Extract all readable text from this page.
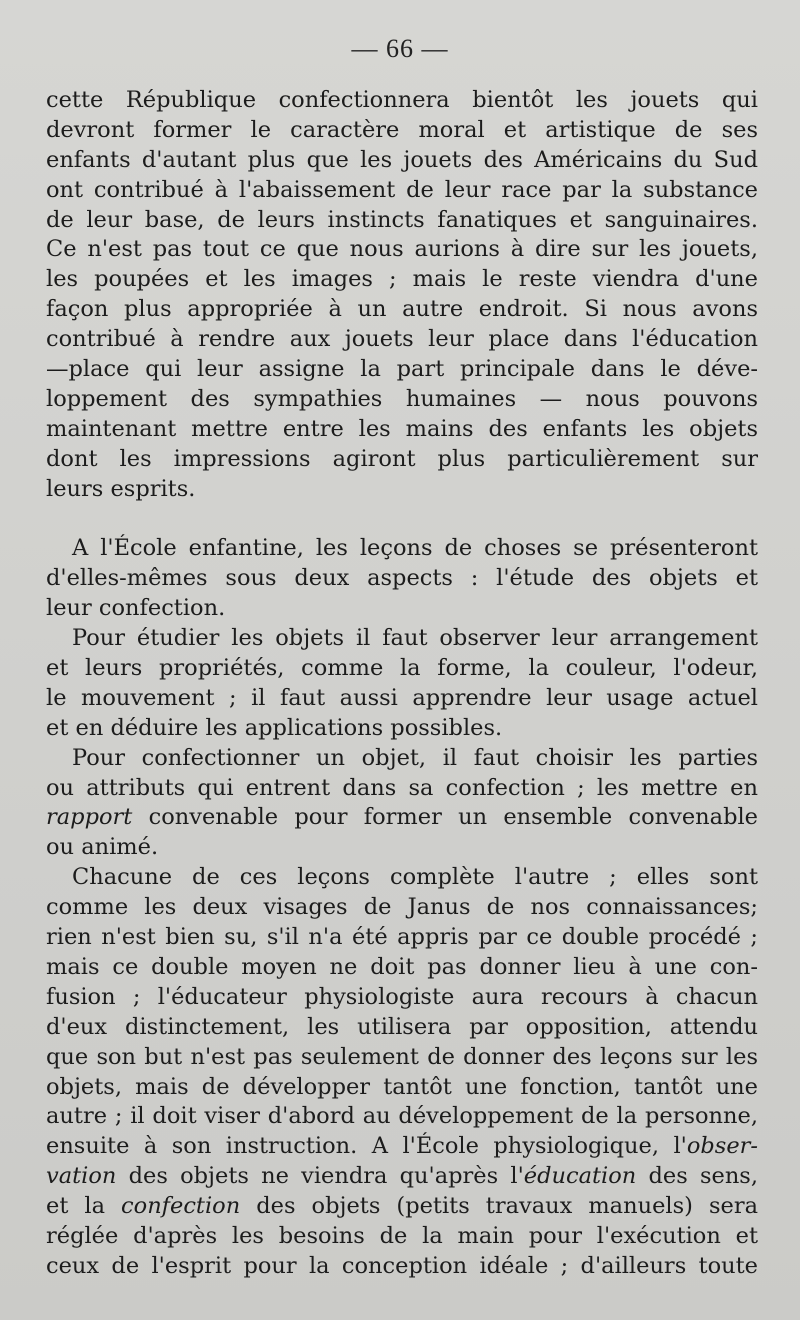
— 66 —
cette République confectionnera bientôt les jouets qui
devront former le caractère moral et artistique de ses
enfants d'autant plus que les jouets des Américains du Sud
ont contribué à l'abaissement de leur race par la substance
de leur base, de leurs instincts fanatiques et sanguinaires.
Ce n'est pas tout ce que nous aurions à dire sur les jouets,
les poupées et les images ; mais le reste viendra d'une
façon plus appropriée à un autre endroit. Si nous avons
contribué à rendre aux jouets leur place dans l'éducation
—place qui leur assigne la part principale dans le déve-
loppement des sympathies humaines — nous pouvons
maintenant mettre entre les mains des enfants les objets
dont les impressions agiront plus particulièrement sur
leurs esprits.
A l'École enfantine, les leçons de choses se présenteront
d'elles-mêmes sous deux aspects : l'étude des objets et
leur confection.
Pour étudier les objets il faut observer leur arrangement
et leurs propriétés, comme la forme, la couleur, l'odeur,
le mouvement ; il faut aussi apprendre leur usage actuel
et en déduire les applications possibles.
Pour confectionner un objet, il faut choisir les parties
ou attributs qui entrent dans sa confection ; les mettre en
rapport convenable pour former un ensemble convenable
ou animé.
Chacune de ces leçons complète l'autre ; elles sont
comme les deux visages de Janus de nos connaissances;
rien n'est bien su, s'il n'a été appris par ce double procédé ;
mais ce double moyen ne doit pas donner lieu à une con-
fusion ; l'éducateur physiologiste aura recours à chacun
d'eux distinctement, les utilisera par opposition, attendu
que son but n'est pas seulement de donner des leçons sur les
objets, mais de développer tantôt une fonction, tantôt une
autre ; il doit viser d'abord au développement de la personne,
ensuite à son instruction. A l'École physiologique, l'obser-
vation des objets ne viendra qu'après l'éducation des sens,
et la confection des objets (petits travaux manuels) sera
réglée d'après les besoins de la main pour l'exécution et
ceux de l'esprit pour la conception idéale ; d'ailleurs toute
